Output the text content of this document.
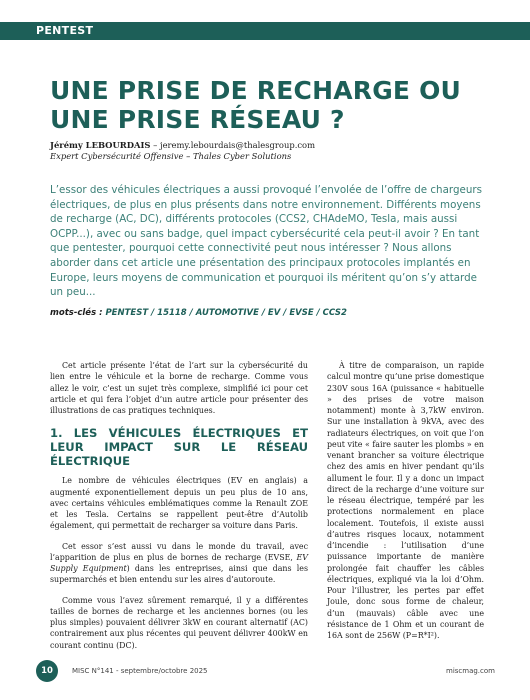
PENTEST
UNE PRISE DE RECHARGE OU UNE PRISE RÉSEAU ?
Jérémy LEBOURDAIS – jeremy.lebourdais@thalesgroup.com
Expert Cybersécurité Offensive – Thales Cyber Solutions

L’essor des véhicules électriques a aussi provoqué l’envolée de l’offre de chargeurs électriques, de plus en plus présents dans notre environnement. Différents moyens de recharge (AC, DC), différents protocoles (CCS2, CHAdeMO, Tesla, mais aussi OCPP...), avec ou sans badge, quel impact cybersécurité cela peut-il avoir ? En tant que pentester, pourquoi cette connectivité peut nous intéresser ? Nous allons aborder dans cet article une présentation des principaux protocoles implantés en Europe, leurs moyens de communication et pourquoi ils méritent qu’on s’y attarde un peu...

mots-clés : PENTEST / 15118 / AUTOMOTIVE / EV / EVSE / CCS2

Cet article présente l’état de l’art sur la cybersécurité du lien entre le véhicule et la borne de recharge. Comme vous allez le voir, c’est un sujet très complexe, simplifié ici pour cet article et qui fera l’objet d’un autre article pour présenter des illustrations de cas pratiques techniques.

1. LES VÉHICULES ÉLECTRIQUES ET LEUR IMPACT SUR LE RÉSEAU ÉLECTRIQUE

Le nombre de véhicules électriques (EV en anglais) a augmenté exponentiellement depuis un peu plus de 10 ans, avec certains véhicules emblématiques comme la Renault ZOE et les Tesla. Certains se rappellent peut-être d’Autolib également, qui permettait de recharger sa voiture dans Paris.

Cet essor s’est aussi vu dans le monde du travail, avec l’apparition de plus en plus de bornes de recharge (EVSE, EV Supply Equipment) dans les entreprises, ainsi que dans les supermarchés et bien entendu sur les aires d’autoroute.

Comme vous l’avez sûrement remarqué, il y a différentes tailles de bornes de recharge et les anciennes bornes (ou les plus simples) pouvaient délivrer 3kW en courant alternatif (AC) contrairement aux plus récentes qui peuvent délivrer 400kW en courant continu (DC).

À titre de comparaison, un rapide calcul montre qu’une prise domestique 230V sous 16A (puissance « habituelle » des prises de votre maison notamment) monte à 3,7kW environ. Sur une installation à 9kVA, avec des radiateurs électriques, on voit que l’on peut vite « faire sauter les plombs » en venant brancher sa voiture électrique chez des amis en hiver pendant qu’ils allument le four. Il y a donc un impact direct de la recharge d’une voiture sur le réseau électrique, tempéré par les protections normalement en place localement. Toutefois, il existe aussi d’autres risques locaux, notamment d’incendie : l’utilisation d’une puissance importante de manière prolongée fait chauffer les câbles électriques, expliqué via la loi d’Ohm. Pour l’illustrer, les pertes par effet Joule, donc sous forme de chaleur, d’un (mauvais) câble avec une résistance de 1 Ohm et un courant de 16A sont de 256W (P=R*I²).

10	MISC N°141 - septembre/octobre 2025	miscmag.com
